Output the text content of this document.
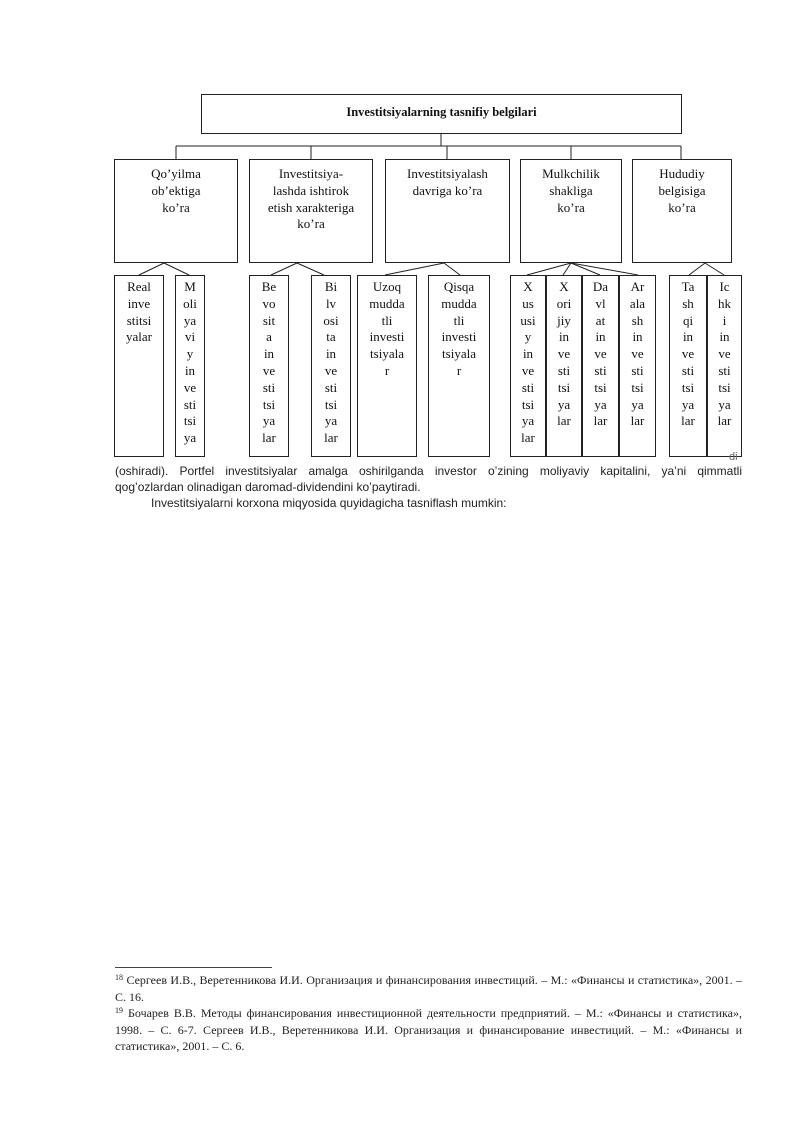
Investitsiyalarning tasnifiy belgilari
Qo’yilma
ob’ektiga
ko’ra
Investitsiya-
lashda ishtirok
etish xarakteriga
ko’ra
Investitsiyalash
davriga ko’ra
Mulkchilik
shakliga
ko’ra
Hududiy
belgisiga
ko’ra
Real
inve
stitsi
yalar
M
oli
ya
vi
y
in
ve
sti
tsi
ya
Be
vo
sit
a
in
ve
sti
tsi
ya
lar
Bi
lv
osi
ta
in
ve
sti
tsi
ya
lar
Uzoq
mudda
tli
investi
tsiyala
r
Qisqa
mudda
tli
investi
tsiyala
r
X
us
usi
y
in
ve
sti
tsi
ya
lar
X
ori
jiy
in
ve
sti
tsi
ya
lar
Da
vl
at
in
ve
sti
tsi
ya
lar
Ar
ala
sh
in
ve
sti
tsi
ya
lar
Ta
sh
qi
in
ve
sti
tsi
ya
lar
Ic
hk
i
in
ve
sti
tsi
ya
lar
di
(oshiradi). Portfel investitsiyalar amalga oshirilganda investor o’zining moliyaviy kapitalini, ya’ni qimmatli
qog’ozlardan olinadigan daromad-dividendini ko’paytiradi.
Investitsiyalarni korxona miqyosida quyidagicha tasniflash mumkin:
$^{18}$ Сергеев И.В., Веретенникова И.И. Организация и финансирования инвестиций. – М.: «Финансы и статистика», 2001. – С. 16.
$^{19}$ Бочарев В.В. Методы финансирования инвестиционной деятельности предприятий. – М.: «Финансы и статистика», 1998. – С. 6-7. Сергеев И.В., Веретенникова И.И. Организация и финансирование инвестиций. – М.: «Финансы и статистика», 2001. – С. 6.
